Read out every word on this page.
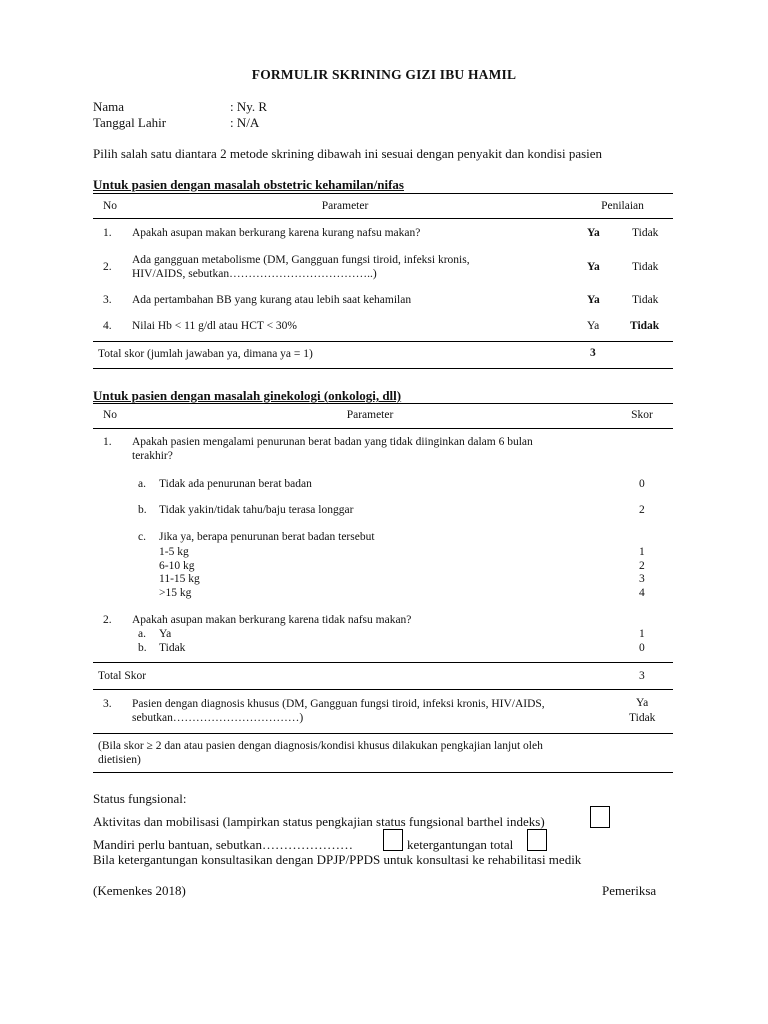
FORMULIR SKRINING GIZI IBU HAMIL
Nama	: Ny. R
Tanggal Lahir	: N/A
Pilih salah satu diantara 2 metode skrining dibawah ini sesuai dengan penyakit dan kondisi pasien
Untuk pasien dengan masalah obstetric kehamilan/nifas
No	Parameter	Penilaian
1. Apakah asupan makan berkurang karena kurang nafsu makan?	Ya	Tidak
2.
Ada gangguan metabolisme (DM, Gangguan fungsi tiroid, infeksi kronis,
HIV/AIDS, sebutkan………………………………..)
Ya	Tidak
3. Ada pertambahan BB yang kurang atau lebih saat kehamilan	Ya	Tidak
4. Nilai Hb < 11 g/dl atau HCT < 30%	Ya	Tidak
Total skor (jumlah jawaban ya, dimana ya = 1)	3
Untuk pasien dengan masalah ginekologi (onkologi, dll)
No	Parameter	Skor
1. Apakah pasien mengalami penurunan berat badan yang tidak diinginkan dalam 6 bulan
terakhir?
a. Tidak ada penurunan berat badan	0
b. Tidak yakin/tidak tahu/baju terasa longgar	2
c. Jika ya, berapa penurunan berat badan tersebut
1-5 kg	1
6-10 kg	2
11-15 kg	3
>15 kg	4
2. Apakah asupan makan berkurang karena tidak nafsu makan?
a. Ya	1
b. Tidak	0
Total Skor	3
3. Pasien dengan diagnosis khusus (DM, Gangguan fungsi tiroid, infeksi kronis, HIV/AIDS,
sebutkan……………………………)
Ya
Tidak
(Bila skor ≥ 2 dan atau pasien dengan diagnosis/kondisi khusus dilakukan pengkajian lanjut oleh
dietisien)
Status fungsional:
Aktivitas dan mobilisasi (lampirkan status pengkajian status fungsional barthel indeks)
Mandiri perlu bantuan, sebutkan…………………	ketergantungan total
Bila ketergantungan konsultasikan dengan DPJP/PPDS untuk konsultasi ke rehabilitasi medik
(Kemenkes 2018)	Pemeriksa
